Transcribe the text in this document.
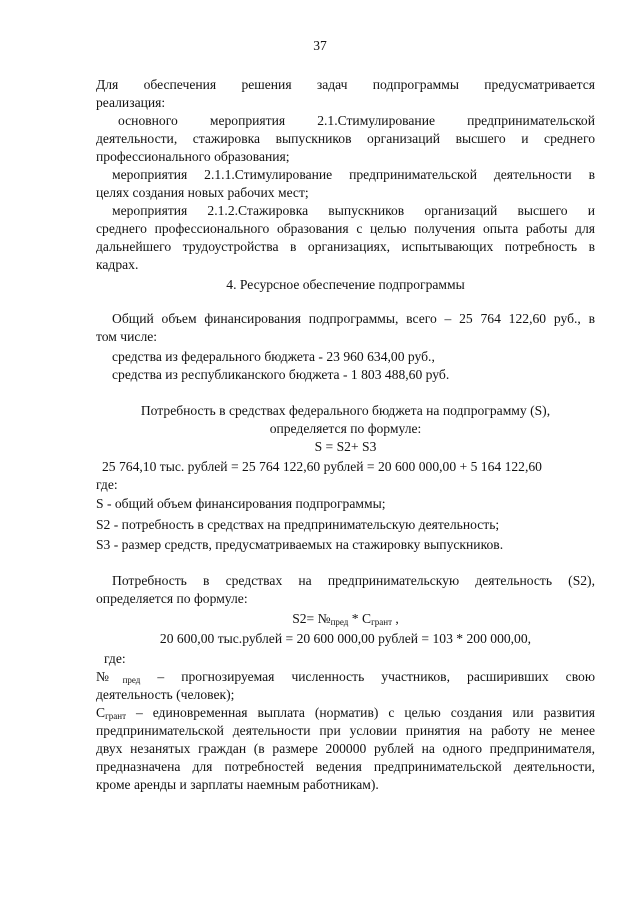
37
Для обеспечения решения задач подпрограммы предусматривается
реализация:
основного мероприятия 2.1.Стимулирование предпринимательской
деятельности, стажировка выпускников организаций высшего и среднего
профессионального образования;
мероприятия 2.1.1.Стимулирование предпринимательской деятельности в
целях создания новых рабочих мест;
мероприятия 2.1.2.Стажировка выпускников организаций высшего и
среднего профессионального образования с целью получения опыта работы для
дальнейшего трудоустройства в организациях, испытывающих потребность в
кадрах.
4. Ресурсное обеспечение подпрограммы
Общий объем финансирования подпрограммы, всего – 25 764 122,60 руб., в
том числе:
средства из федерального бюджета - 23 960 634,00 руб.,
средства из республиканского бюджета - 1 803 488,60 руб.
Потребность в средствах федерального бюджета на подпрограмму (S),
определяется по формуле:
S = S2+ S3
25 764,10 тыс. рублей = 25 764 122,60 рублей = 20 600 000,00 + 5 164 122,60
где:
S - общий объем финансирования подпрограммы;
S2 - потребность в средствах на предпринимательскую деятельность;
S3 - размер средств, предусматриваемых на стажировку выпускников.
Потребность в средствах на предпринимательскую деятельность (S2),
определяется по формуле:
$S2= №_{пред} * C_{грант}$ ,
20 600,00 тыс.рублей = 20 600 000,00 рублей = 103 * 200 000,00,
где:
$№_{пред}$ – прогнозируемая численность участников, расширивших свою
деятельность (человек);
$C_{грант}$ – единовременная выплата (норматив) с целью создания или развития
предпринимательской деятельности при условии принятия на работу не менее
двух незанятых граждан (в размере 200000 рублей на одного предпринимателя,
предназначена для потребностей ведения предпринимательской деятельности,
кроме аренды и зарплаты наемным работникам).
